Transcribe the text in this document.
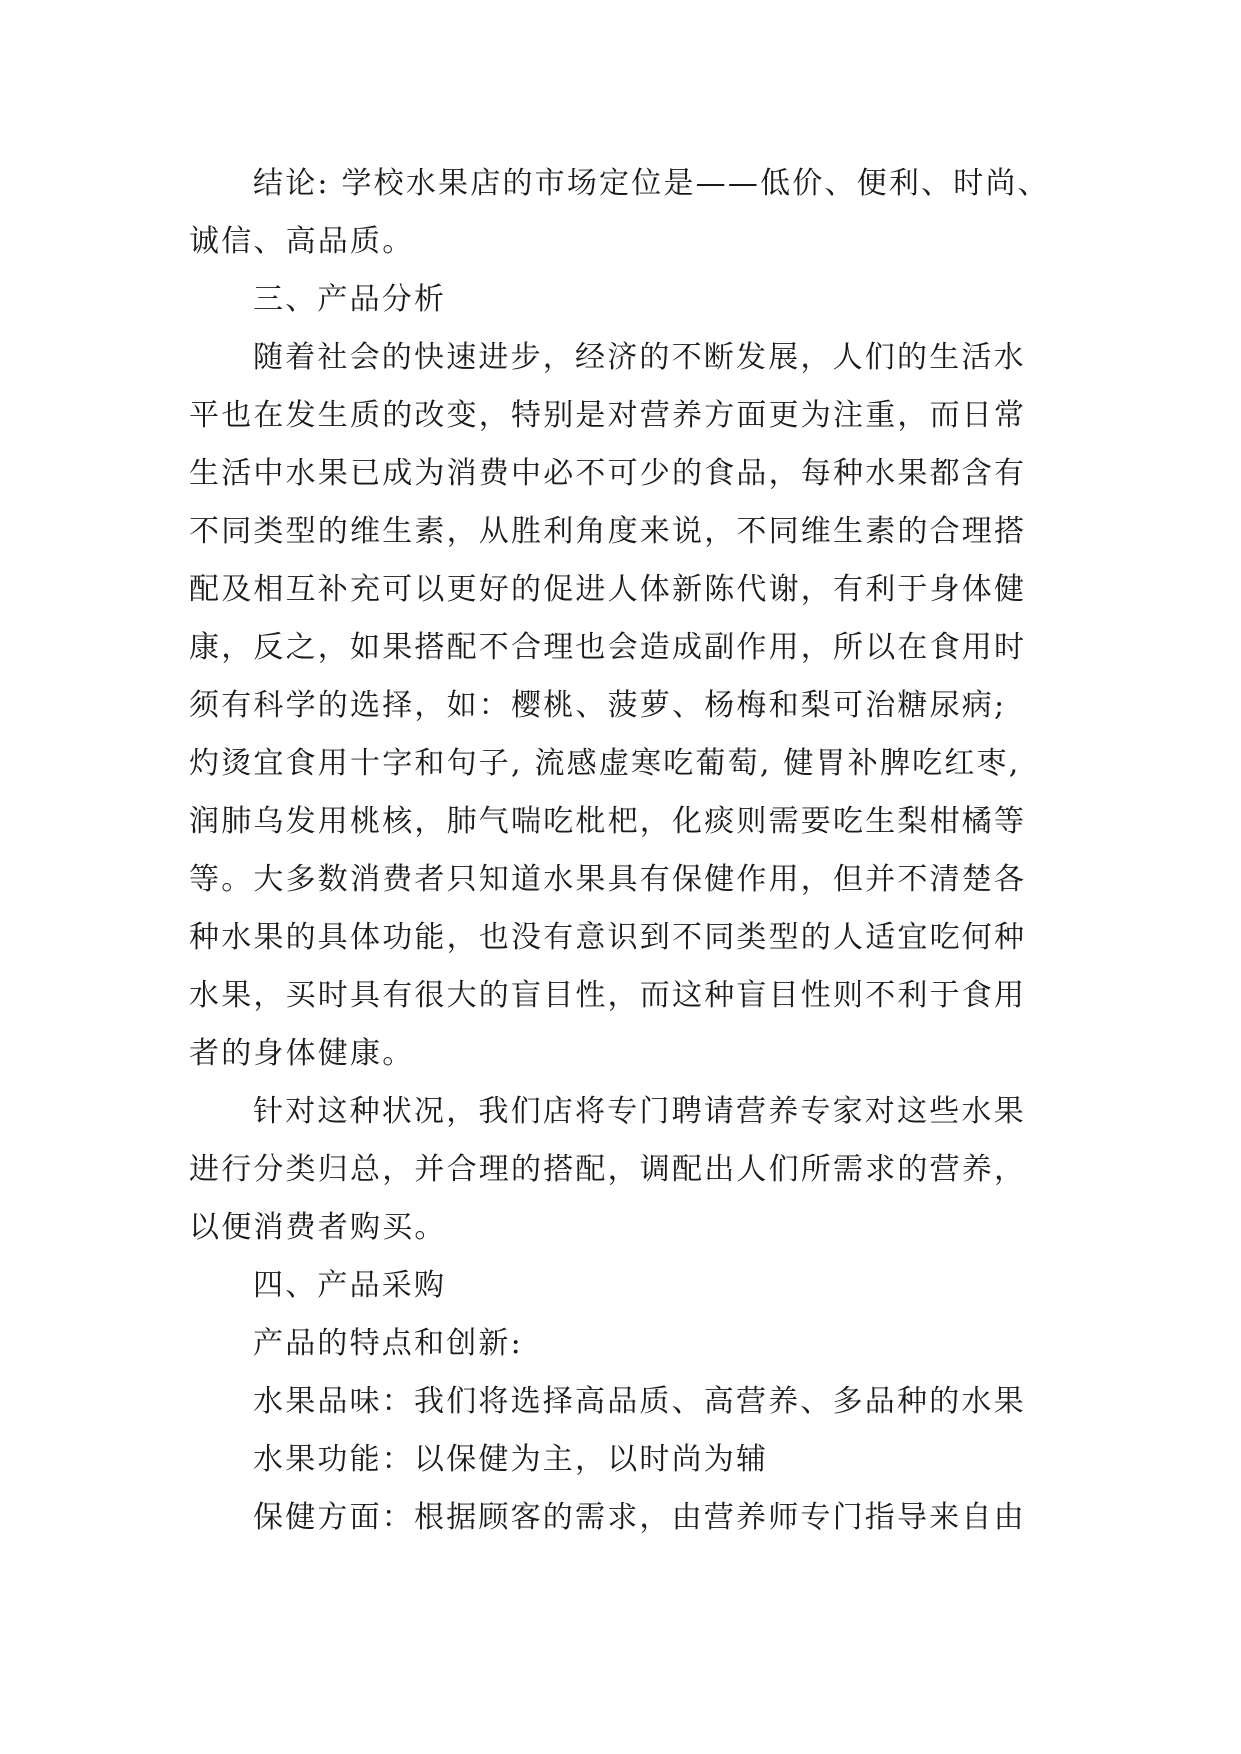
结论: 学校水果店的市场定位是——低价、便利、时尚、
诚信、高品质。
三、产品分析
随着社会的快速进步，经济的不断发展，人们的生活水
平也在发生质的改变，特别是对营养方面更为注重，而日常
生活中水果已成为消费中必不可少的食品，每种水果都含有
不同类型的维生素，从胜利角度来说，不同维生素的合理搭
配及相互补充可以更好的促进人体新陈代谢，有利于身体健
康，反之，如果搭配不合理也会造成副作用，所以在食用时
须有科学的选择，如：樱桃、菠萝、杨梅和梨可治糖尿病;
灼烫宜食用十字和句子, 流感虚寒吃葡萄, 健胃补脾吃红枣,
润肺乌发用桃核，肺气喘吃枇杷，化痰则需要吃生梨柑橘等
等。大多数消费者只知道水果具有保健作用，但并不清楚各
种水果的具体功能，也没有意识到不同类型的人适宜吃何种
水果，买时具有很大的盲目性，而这种盲目性则不利于食用
者的身体健康。
针对这种状况，我们店将专门聘请营养专家对这些水果
进行分类归总，并合理的搭配，调配出人们所需求的营养，
以便消费者购买。
四、产品采购
产品的特点和创新:
水果品味：我们将选择高品质、高营养、多品种的水果
水果功能：以保健为主，以时尚为辅
保健方面：根据顾客的需求，由营养师专门指导来自由
